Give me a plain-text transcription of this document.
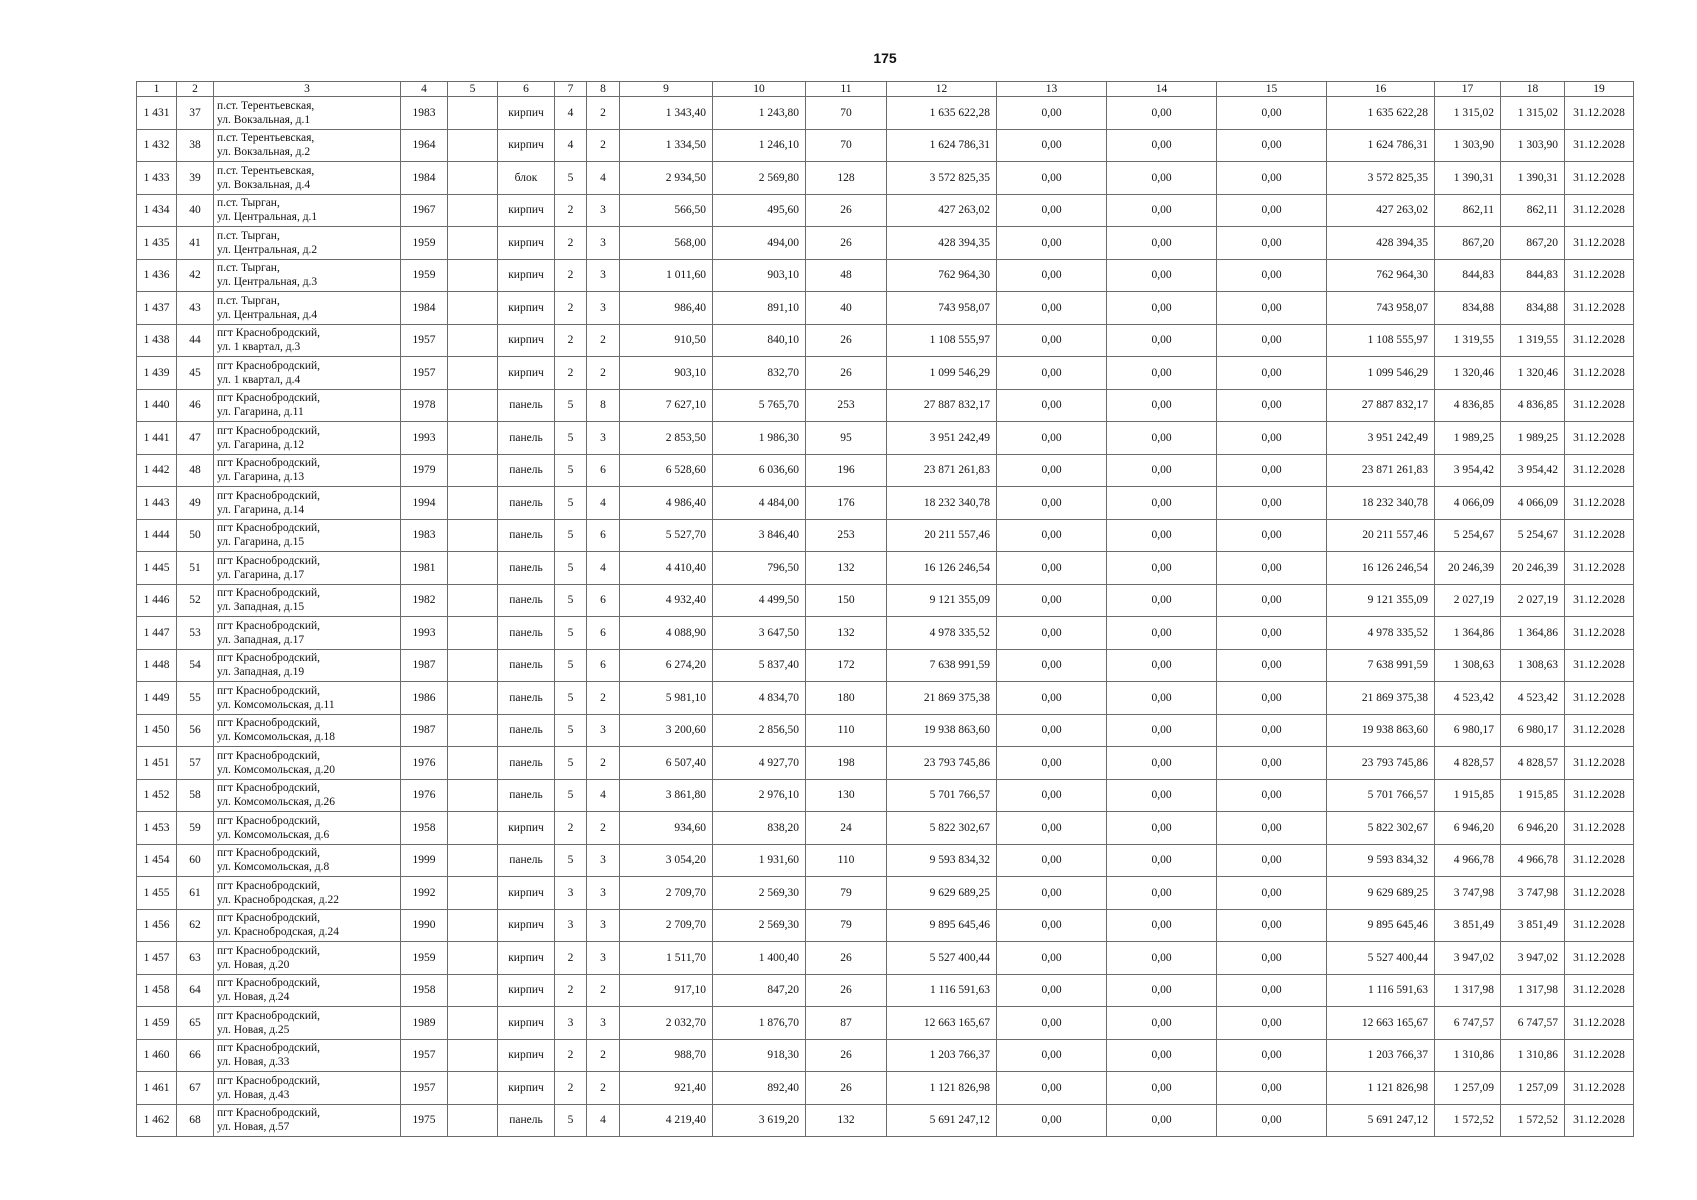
175
1	2	3	4	5	6	7	8	9	10	11	12	13	14	15	16	17	18	19
1 431	37	п.ст. Терентьевская,
ул. Вокзальная, д.1	1983		кирпич	4	2	1 343,40	1 243,80	70	1 635 622,28	0,00	0,00	0,00	1 635 622,28	1 315,02	1 315,02	31.12.2028
1 432	38	п.ст. Терентьевская,
ул. Вокзальная, д.2	1964		кирпич	4	2	1 334,50	1 246,10	70	1 624 786,31	0,00	0,00	0,00	1 624 786,31	1 303,90	1 303,90	31.12.2028
1 433	39	п.ст. Терентьевская,
ул. Вокзальная, д.4	1984		блок	5	4	2 934,50	2 569,80	128	3 572 825,35	0,00	0,00	0,00	3 572 825,35	1 390,31	1 390,31	31.12.2028
1 434	40	п.ст. Тырган,
ул. Центральная, д.1	1967		кирпич	2	3	566,50	495,60	26	427 263,02	0,00	0,00	0,00	427 263,02	862,11	862,11	31.12.2028
1 435	41	п.ст. Тырган,
ул. Центральная, д.2	1959		кирпич	2	3	568,00	494,00	26	428 394,35	0,00	0,00	0,00	428 394,35	867,20	867,20	31.12.2028
1 436	42	п.ст. Тырган,
ул. Центральная, д.3	1959		кирпич	2	3	1 011,60	903,10	48	762 964,30	0,00	0,00	0,00	762 964,30	844,83	844,83	31.12.2028
1 437	43	п.ст. Тырган,
ул. Центральная, д.4	1984		кирпич	2	3	986,40	891,10	40	743 958,07	0,00	0,00	0,00	743 958,07	834,88	834,88	31.12.2028
1 438	44	пгт Краснобродский,
ул. 1 квартал, д.3	1957		кирпич	2	2	910,50	840,10	26	1 108 555,97	0,00	0,00	0,00	1 108 555,97	1 319,55	1 319,55	31.12.2028
1 439	45	пгт Краснобродский,
ул. 1 квартал, д.4	1957		кирпич	2	2	903,10	832,70	26	1 099 546,29	0,00	0,00	0,00	1 099 546,29	1 320,46	1 320,46	31.12.2028
1 440	46	пгт Краснобродский,
ул. Гагарина, д.11	1978		панель	5	8	7 627,10	5 765,70	253	27 887 832,17	0,00	0,00	0,00	27 887 832,17	4 836,85	4 836,85	31.12.2028
1 441	47	пгт Краснобродский,
ул. Гагарина, д.12	1993		панель	5	3	2 853,50	1 986,30	95	3 951 242,49	0,00	0,00	0,00	3 951 242,49	1 989,25	1 989,25	31.12.2028
1 442	48	пгт Краснобродский,
ул. Гагарина, д.13	1979		панель	5	6	6 528,60	6 036,60	196	23 871 261,83	0,00	0,00	0,00	23 871 261,83	3 954,42	3 954,42	31.12.2028
1 443	49	пгт Краснобродский,
ул. Гагарина, д.14	1994		панель	5	4	4 986,40	4 484,00	176	18 232 340,78	0,00	0,00	0,00	18 232 340,78	4 066,09	4 066,09	31.12.2028
1 444	50	пгт Краснобродский,
ул. Гагарина, д.15	1983		панель	5	6	5 527,70	3 846,40	253	20 211 557,46	0,00	0,00	0,00	20 211 557,46	5 254,67	5 254,67	31.12.2028
1 445	51	пгт Краснобродский,
ул. Гагарина, д.17	1981		панель	5	4	4 410,40	796,50	132	16 126 246,54	0,00	0,00	0,00	16 126 246,54	20 246,39	20 246,39	31.12.2028
1 446	52	пгт Краснобродский,
ул. Западная, д.15	1982		панель	5	6	4 932,40	4 499,50	150	9 121 355,09	0,00	0,00	0,00	9 121 355,09	2 027,19	2 027,19	31.12.2028
1 447	53	пгт Краснобродский,
ул. Западная, д.17	1993		панель	5	6	4 088,90	3 647,50	132	4 978 335,52	0,00	0,00	0,00	4 978 335,52	1 364,86	1 364,86	31.12.2028
1 448	54	пгт Краснобродский,
ул. Западная, д.19	1987		панель	5	6	6 274,20	5 837,40	172	7 638 991,59	0,00	0,00	0,00	7 638 991,59	1 308,63	1 308,63	31.12.2028
1 449	55	пгт Краснобродский,
ул. Комсомольская, д.11	1986		панель	5	2	5 981,10	4 834,70	180	21 869 375,38	0,00	0,00	0,00	21 869 375,38	4 523,42	4 523,42	31.12.2028
1 450	56	пгт Краснобродский,
ул. Комсомольская, д.18	1987		панель	5	3	3 200,60	2 856,50	110	19 938 863,60	0,00	0,00	0,00	19 938 863,60	6 980,17	6 980,17	31.12.2028
1 451	57	пгт Краснобродский,
ул. Комсомольская, д.20	1976		панель	5	2	6 507,40	4 927,70	198	23 793 745,86	0,00	0,00	0,00	23 793 745,86	4 828,57	4 828,57	31.12.2028
1 452	58	пгт Краснобродский,
ул. Комсомольская, д.26	1976		панель	5	4	3 861,80	2 976,10	130	5 701 766,57	0,00	0,00	0,00	5 701 766,57	1 915,85	1 915,85	31.12.2028
1 453	59	пгт Краснобродский,
ул. Комсомольская, д.6	1958		кирпич	2	2	934,60	838,20	24	5 822 302,67	0,00	0,00	0,00	5 822 302,67	6 946,20	6 946,20	31.12.2028
1 454	60	пгт Краснобродский,
ул. Комсомольская, д.8	1999		панель	5	3	3 054,20	1 931,60	110	9 593 834,32	0,00	0,00	0,00	9 593 834,32	4 966,78	4 966,78	31.12.2028
1 455	61	пгт Краснобродский,
ул. Краснобродская, д.22	1992		кирпич	3	3	2 709,70	2 569,30	79	9 629 689,25	0,00	0,00	0,00	9 629 689,25	3 747,98	3 747,98	31.12.2028
1 456	62	пгт Краснобродский,
ул. Краснобродская, д.24	1990		кирпич	3	3	2 709,70	2 569,30	79	9 895 645,46	0,00	0,00	0,00	9 895 645,46	3 851,49	3 851,49	31.12.2028
1 457	63	пгт Краснобродский,
ул. Новая, д.20	1959		кирпич	2	3	1 511,70	1 400,40	26	5 527 400,44	0,00	0,00	0,00	5 527 400,44	3 947,02	3 947,02	31.12.2028
1 458	64	пгт Краснобродский,
ул. Новая, д.24	1958		кирпич	2	2	917,10	847,20	26	1 116 591,63	0,00	0,00	0,00	1 116 591,63	1 317,98	1 317,98	31.12.2028
1 459	65	пгт Краснобродский,
ул. Новая, д.25	1989		кирпич	3	3	2 032,70	1 876,70	87	12 663 165,67	0,00	0,00	0,00	12 663 165,67	6 747,57	6 747,57	31.12.2028
1 460	66	пгт Краснобродский,
ул. Новая, д.33	1957		кирпич	2	2	988,70	918,30	26	1 203 766,37	0,00	0,00	0,00	1 203 766,37	1 310,86	1 310,86	31.12.2028
1 461	67	пгт Краснобродский,
ул. Новая, д.43	1957		кирпич	2	2	921,40	892,40	26	1 121 826,98	0,00	0,00	0,00	1 121 826,98	1 257,09	1 257,09	31.12.2028
1 462	68	пгт Краснобродский,
ул. Новая, д.57	1975		панель	5	4	4 219,40	3 619,20	132	5 691 247,12	0,00	0,00	0,00	5 691 247,12	1 572,52	1 572,52	31.12.2028
